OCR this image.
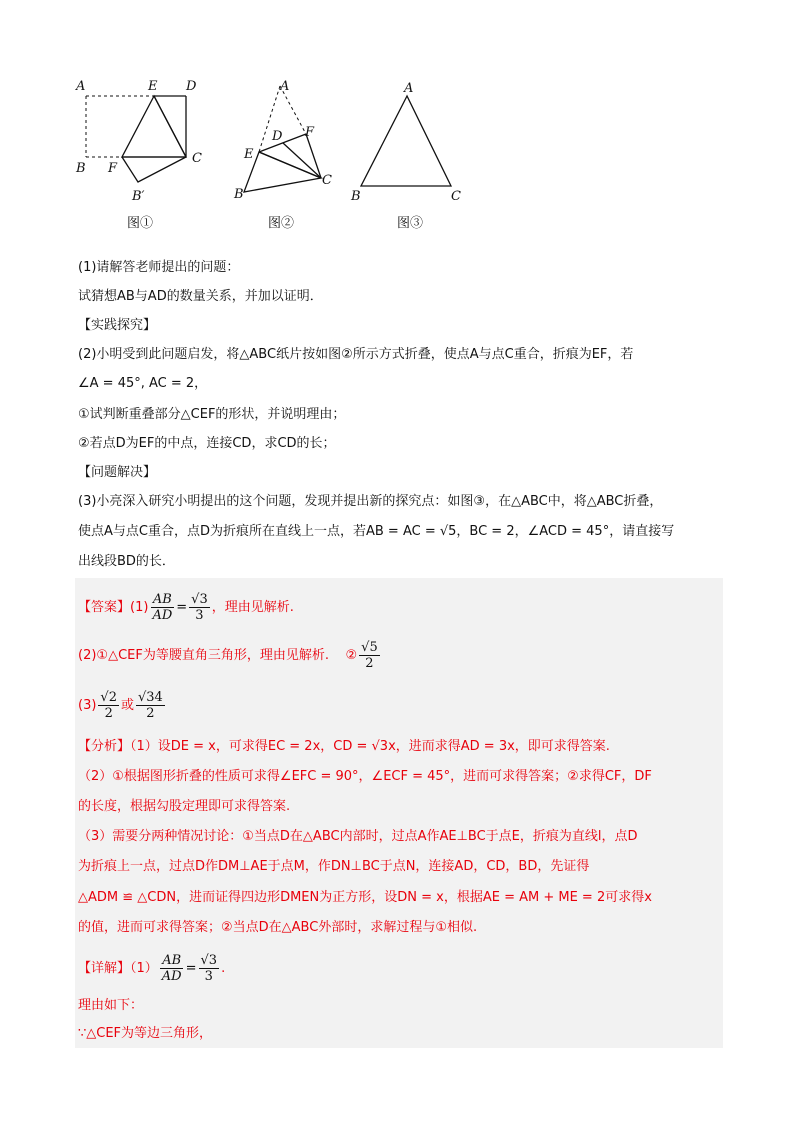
A	E D
B F
C
B′
A
D F
E
B
C
A
B	C
图①	图②	图③
(1)请解答老师提出的问题：
试猜想AB与AD的数量关系，并加以证明．
【实践探究】
(2)小明受到此问题启发，将△ABC纸片按如图②所示方式折叠，使点A与点C重合，折痕为EF，若
∠A = 45°, AC = 2，
①试判断重叠部分△CEF的形状，并说明理由；
②若点D为EF的中点，连接CD，求CD的长；
【问题解决】
(3)小亮深入研究小明提出的这个问题，发现并提出新的探究点：如图③，在△ABC中，将△ABC折叠，
使点A与点C重合，点D为折痕所在直线上一点，若AB = AC = √5，BC = 2，∠ACD = 45°，请直接写
出线段BD的长．
【答案】$(1) \frac{AB}{AD} = \frac{√3}{3}$ ，理由见解析.
(2)①△CEF为等腰直角三角形，理由见解析. ② $\frac{√5}{2}$
$(3) \frac{√2}{2}$ 或 $\frac{√34}{2}$
【分析】（1）设DE = x，可求得EC = 2x，CD = √3x，进而求得AD = 3x，即可求得答案.
（2）①根据图形折叠的性质可求得∠EFC = 90°，∠ECF = 45°，进而可求得答案；②求得CF，DF
的长度，根据勾股定理即可求得答案.
（3）需要分两种情况讨论：①当点D在△ABC内部时，过点A作AE⊥BC于点E，折痕为直线l，点D
为折痕上一点，过点D作DM⊥AE于点M，作DN⊥BC于点N，连接AD，CD，BD，先证得
△ADM ≌ △CDN，进而证得四边形DMEN为正方形，设DN = x，根据AE = AM + ME = 2可求得x
的值，进而可求得答案；②当点D在△ABC外部时，求解过程与①相似.
【详解】$(1) \frac{AB}{AD} = \frac{√3}{3}$ .
理由如下：
∵△CEF为等边三角形，
